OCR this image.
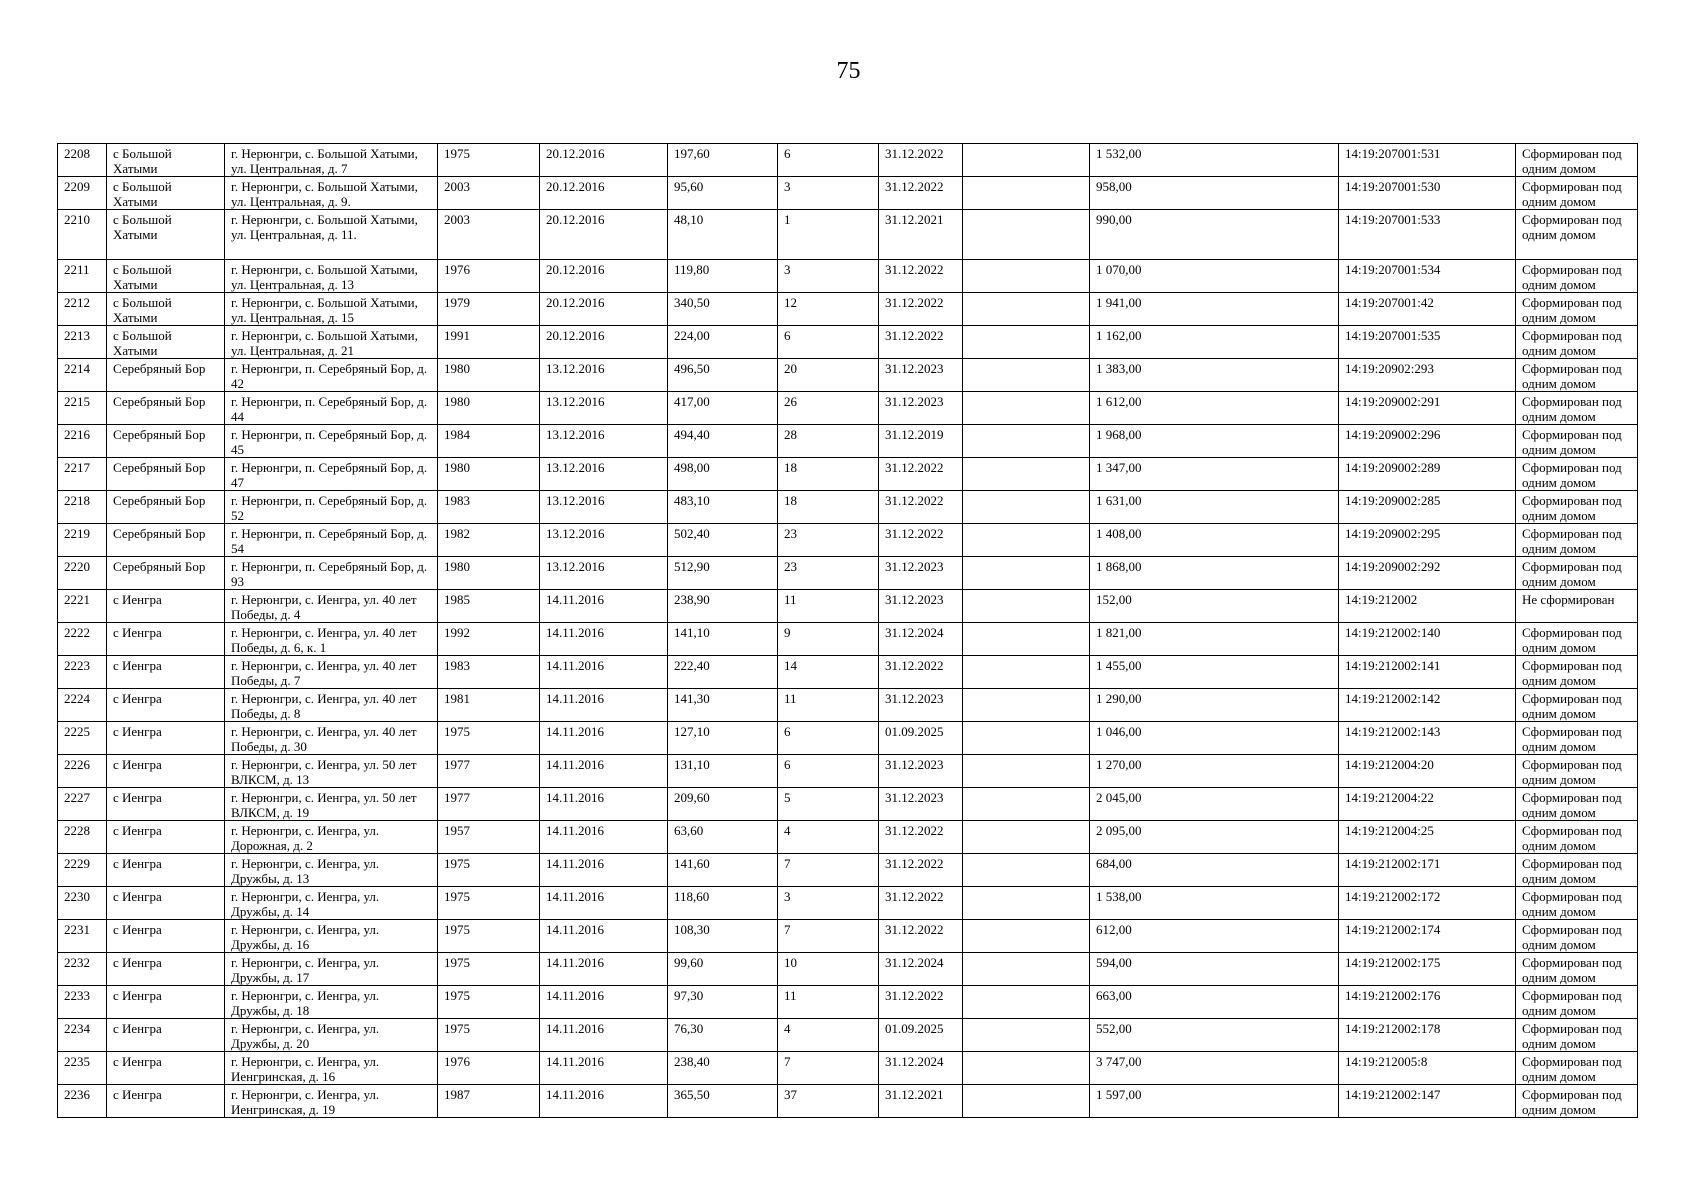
75
2208	с Большой Хатыми	г. Нерюнгри, с. Большой Хатыми, ул. Центральная, д. 7	1975	20.12.2016	197,60	6	31.12.2022		1 532,00	14:19:207001:531	Сформирован под одним домом
2209	с Большой Хатыми	г. Нерюнгри, с. Большой Хатыми, ул. Центральная, д. 9.	2003	20.12.2016	95,60	3	31.12.2022		958,00	14:19:207001:530	Сформирован под одним домом
2210	с Большой Хатыми	г. Нерюнгри, с. Большой Хатыми, ул. Центральная, д. 11.	2003	20.12.2016	48,10	1	31.12.2021		990,00	14:19:207001:533	Сформирован под одним домом
2211	с Большой Хатыми	г. Нерюнгри, с. Большой Хатыми, ул. Центральная, д. 13	1976	20.12.2016	119,80	3	31.12.2022		1 070,00	14:19:207001:534	Сформирован под одним домом
2212	с Большой Хатыми	г. Нерюнгри, с. Большой Хатыми, ул. Центральная, д. 15	1979	20.12.2016	340,50	12	31.12.2022		1 941,00	14:19:207001:42	Сформирован под одним домом
2213	с Большой Хатыми	г. Нерюнгри, с. Большой Хатыми, ул. Центральная, д. 21	1991	20.12.2016	224,00	6	31.12.2022		1 162,00	14:19:207001:535	Сформирован под одним домом
2214	Серебряный Бор	г. Нерюнгри, п. Серебряный Бор, д. 42	1980	13.12.2016	496,50	20	31.12.2023		1 383,00	14:19:20902:293	Сформирован под одним домом
2215	Серебряный Бор	г. Нерюнгри, п. Серебряный Бор, д. 44	1980	13.12.2016	417,00	26	31.12.2023		1 612,00	14:19:209002:291	Сформирован под одним домом
2216	Серебряный Бор	г. Нерюнгри, п. Серебряный Бор, д. 45	1984	13.12.2016	494,40	28	31.12.2019		1 968,00	14:19:209002:296	Сформирован под одним домом
2217	Серебряный Бор	г. Нерюнгри, п. Серебряный Бор, д. 47	1980	13.12.2016	498,00	18	31.12.2022		1 347,00	14:19:209002:289	Сформирован под одним домом
2218	Серебряный Бор	г. Нерюнгри, п. Серебряный Бор, д. 52	1983	13.12.2016	483,10	18	31.12.2022		1 631,00	14:19:209002:285	Сформирован под одним домом
2219	Серебряный Бор	г. Нерюнгри, п. Серебряный Бор, д. 54	1982	13.12.2016	502,40	23	31.12.2022		1 408,00	14:19:209002:295	Сформирован под одним домом
2220	Серебряный Бор	г. Нерюнгри, п. Серебряный Бор, д. 93	1980	13.12.2016	512,90	23	31.12.2023		1 868,00	14:19:209002:292	Сформирован под одним домом
2221	с Иенгра	г. Нерюнгри, с. Иенгра, ул. 40 лет Победы, д. 4	1985	14.11.2016	238,90	11	31.12.2023		152,00	14:19:212002	Не сформирован
2222	с Иенгра	г. Нерюнгри, с. Иенгра, ул. 40 лет Победы, д. 6, к. 1	1992	14.11.2016	141,10	9	31.12.2024		1 821,00	14:19:212002:140	Сформирован под одним домом
2223	с Иенгра	г. Нерюнгри, с. Иенгра, ул. 40 лет Победы, д. 7	1983	14.11.2016	222,40	14	31.12.2022		1 455,00	14:19:212002:141	Сформирован под одним домом
2224	с Иенгра	г. Нерюнгри, с. Иенгра, ул. 40 лет Победы, д. 8	1981	14.11.2016	141,30	11	31.12.2023		1 290,00	14:19:212002:142	Сформирован под одним домом
2225	с Иенгра	г. Нерюнгри, с. Иенгра, ул. 40 лет Победы, д. 30	1975	14.11.2016	127,10	6	01.09.2025		1 046,00	14:19:212002:143	Сформирован под одним домом
2226	с Иенгра	г. Нерюнгри, с. Иенгра, ул. 50 лет ВЛКСМ, д. 13	1977	14.11.2016	131,10	6	31.12.2023		1 270,00	14:19:212004:20	Сформирован под одним домом
2227	с Иенгра	г. Нерюнгри, с. Иенгра, ул. 50 лет ВЛКСМ, д. 19	1977	14.11.2016	209,60	5	31.12.2023		2 045,00	14:19:212004:22	Сформирован под одним домом
2228	с Иенгра	г. Нерюнгри, с. Иенгра, ул. Дорожная, д. 2	1957	14.11.2016	63,60	4	31.12.2022		2 095,00	14:19:212004:25	Сформирован под одним домом
2229	с Иенгра	г. Нерюнгри, с. Иенгра, ул. Дружбы, д. 13	1975	14.11.2016	141,60	7	31.12.2022		684,00	14:19:212002:171	Сформирован под одним домом
2230	с Иенгра	г. Нерюнгри, с. Иенгра, ул. Дружбы, д. 14	1975	14.11.2016	118,60	3	31.12.2022		1 538,00	14:19:212002:172	Сформирован под одним домом
2231	с Иенгра	г. Нерюнгри, с. Иенгра, ул. Дружбы, д. 16	1975	14.11.2016	108,30	7	31.12.2022		612,00	14:19:212002:174	Сформирован под одним домом
2232	с Иенгра	г. Нерюнгри, с. Иенгра, ул. Дружбы, д. 17	1975	14.11.2016	99,60	10	31.12.2024		594,00	14:19:212002:175	Сформирован под одним домом
2233	с Иенгра	г. Нерюнгри, с. Иенгра, ул. Дружбы, д. 18	1975	14.11.2016	97,30	11	31.12.2022		663,00	14:19:212002:176	Сформирован под одним домом
2234	с Иенгра	г. Нерюнгри, с. Иенгра, ул. Дружбы, д. 20	1975	14.11.2016	76,30	4	01.09.2025		552,00	14:19:212002:178	Сформирован под одним домом
2235	с Иенгра	г. Нерюнгри, с. Иенгра, ул. Иенгринская, д. 16	1976	14.11.2016	238,40	7	31.12.2024		3 747,00	14:19:212005:8	Сформирован под одним домом
2236	с Иенгра	г. Нерюнгри, с. Иенгра, ул. Иенгринская, д. 19	1987	14.11.2016	365,50	37	31.12.2021		1 597,00	14:19:212002:147	Сформирован под одним домом
